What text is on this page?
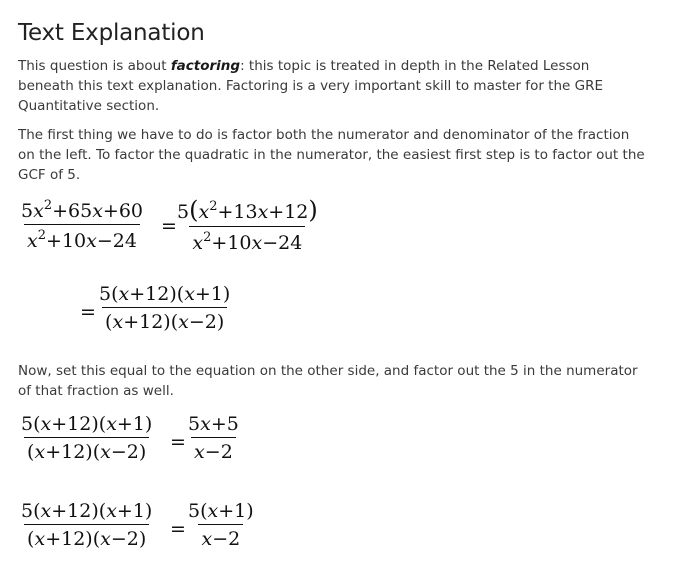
Text Explanation

This question is about factoring: this topic is treated in depth in the Related Lesson beneath this text explanation. Factoring is a very important skill to master for the GRE Quantitative section.

The first thing we have to do is factor both the numerator and denominator of the fraction on the left. To factor the quadratic in the numerator, the easiest first step is to factor out the GCF of 5.

$\frac{5x^2+65x+60}{x^2+10x-24}$ =
$\frac{5(x^2+13x+12)}{x^2+10x-24}$
= $\frac{5(x+12)(x+1)}{(x+12)(x-2)}$

Now, set this equal to the equation on the other side, and factor out the 5 in the numerator of that fraction as well.

$\frac{5(x+12)(x+1)}{(x+12)(x-2)} = \frac{5x+5}{x-2}$
$\frac{5(x+12)(x+1)}{(x+12)(x-2)} = \frac{5(x+1)}{x-2}$
